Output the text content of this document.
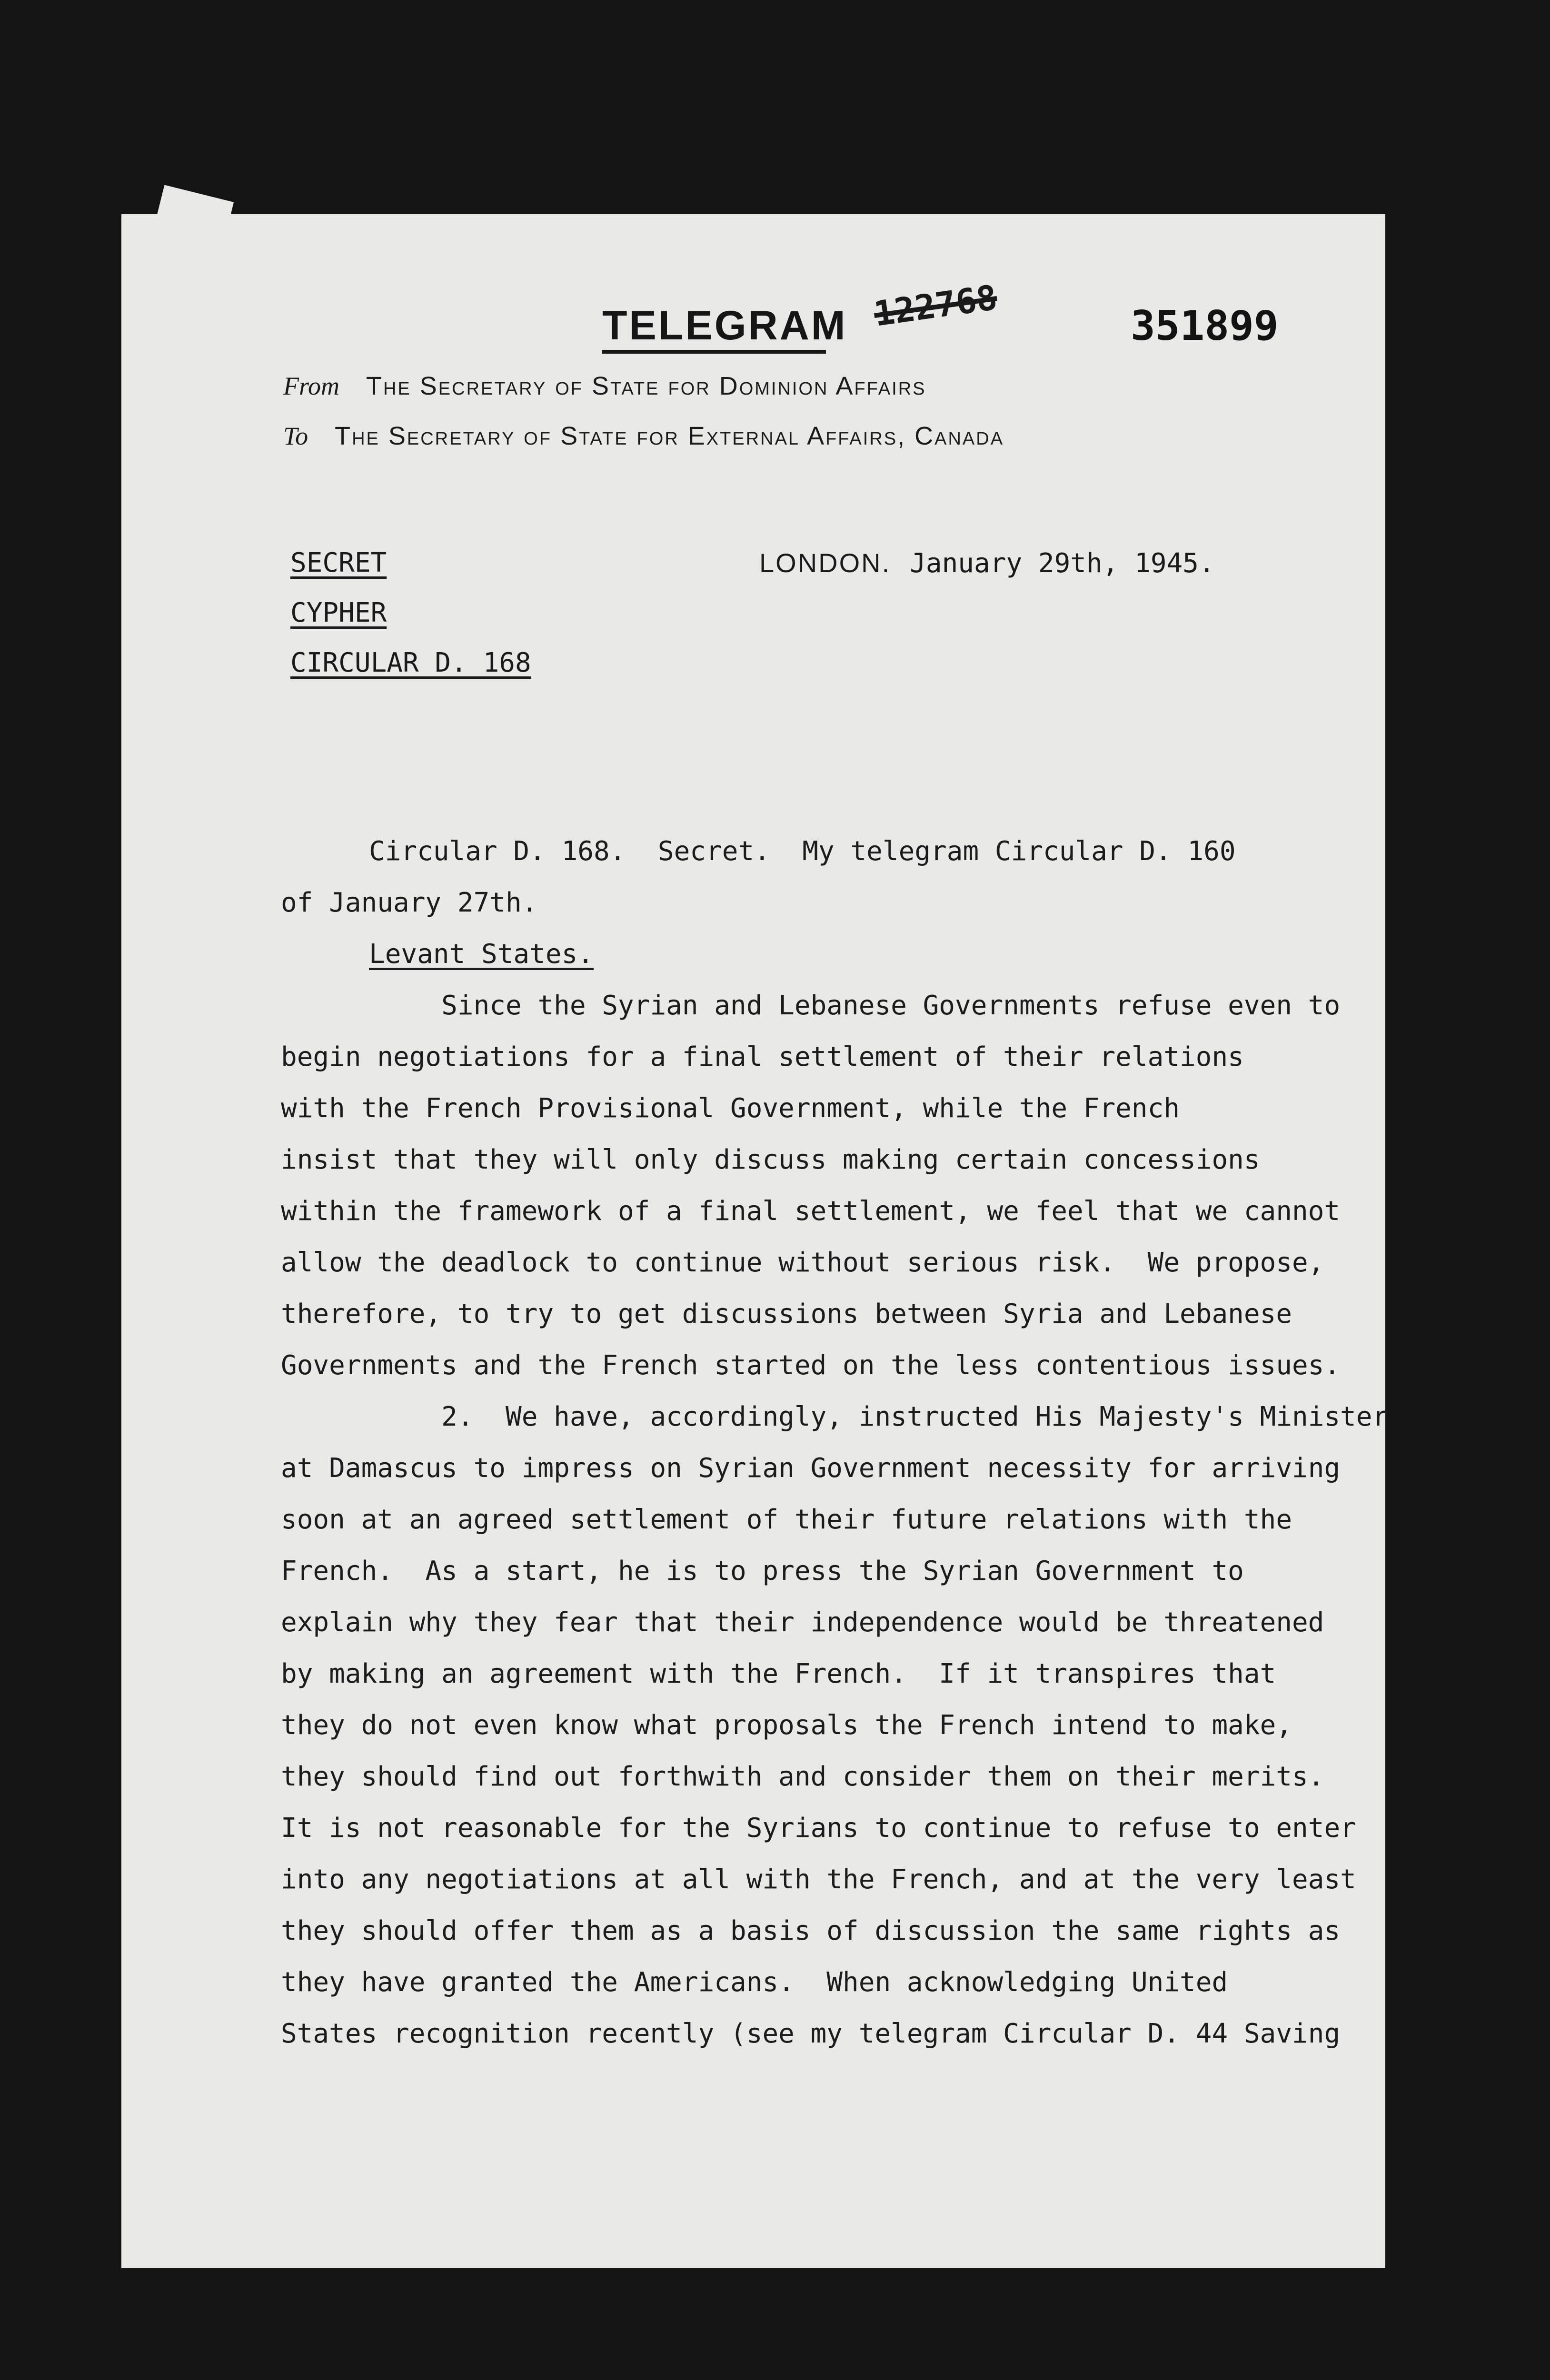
TELEGRAM 122768	351899
From The Secretary of State for Dominion Affairs
To The Secretary of State for External Affairs, Canada
SECRET
CYPHER
CIRCULAR D. 168
LONDON. January 29th, 1945.
Circular D. 168.  Secret.  My telegram Circular D. 160
of January 27th.
Levant States.
Since the Syrian and Lebanese Governments refuse even to
begin negotiations for a final settlement of their relations
with the French Provisional Government, while the French
insist that they will only discuss making certain concessions
within the framework of a final settlement, we feel that we cannot
allow the deadlock to continue without serious risk.  We propose,
therefore, to try to get discussions between Syria and Lebanese
Governments and the French started on the less contentious issues.
2.  We have, accordingly, instructed His Majesty's Minister
at Damascus to impress on Syrian Government necessity for arriving
soon at an agreed settlement of their future relations with the
French.  As a start, he is to press the Syrian Government to
explain why they fear that their independence would be threatened
by making an agreement with the French.  If it transpires that
they do not even know what proposals the French intend to make,
they should find out forthwith and consider them on their merits.
It is not reasonable for the Syrians to continue to refuse to enter
into any negotiations at all with the French, and at the very least
they should offer them as a basis of discussion the same rights as
they have granted the Americans.  When acknowledging United
States recognition recently (see my telegram Circular D. 44 Saving
